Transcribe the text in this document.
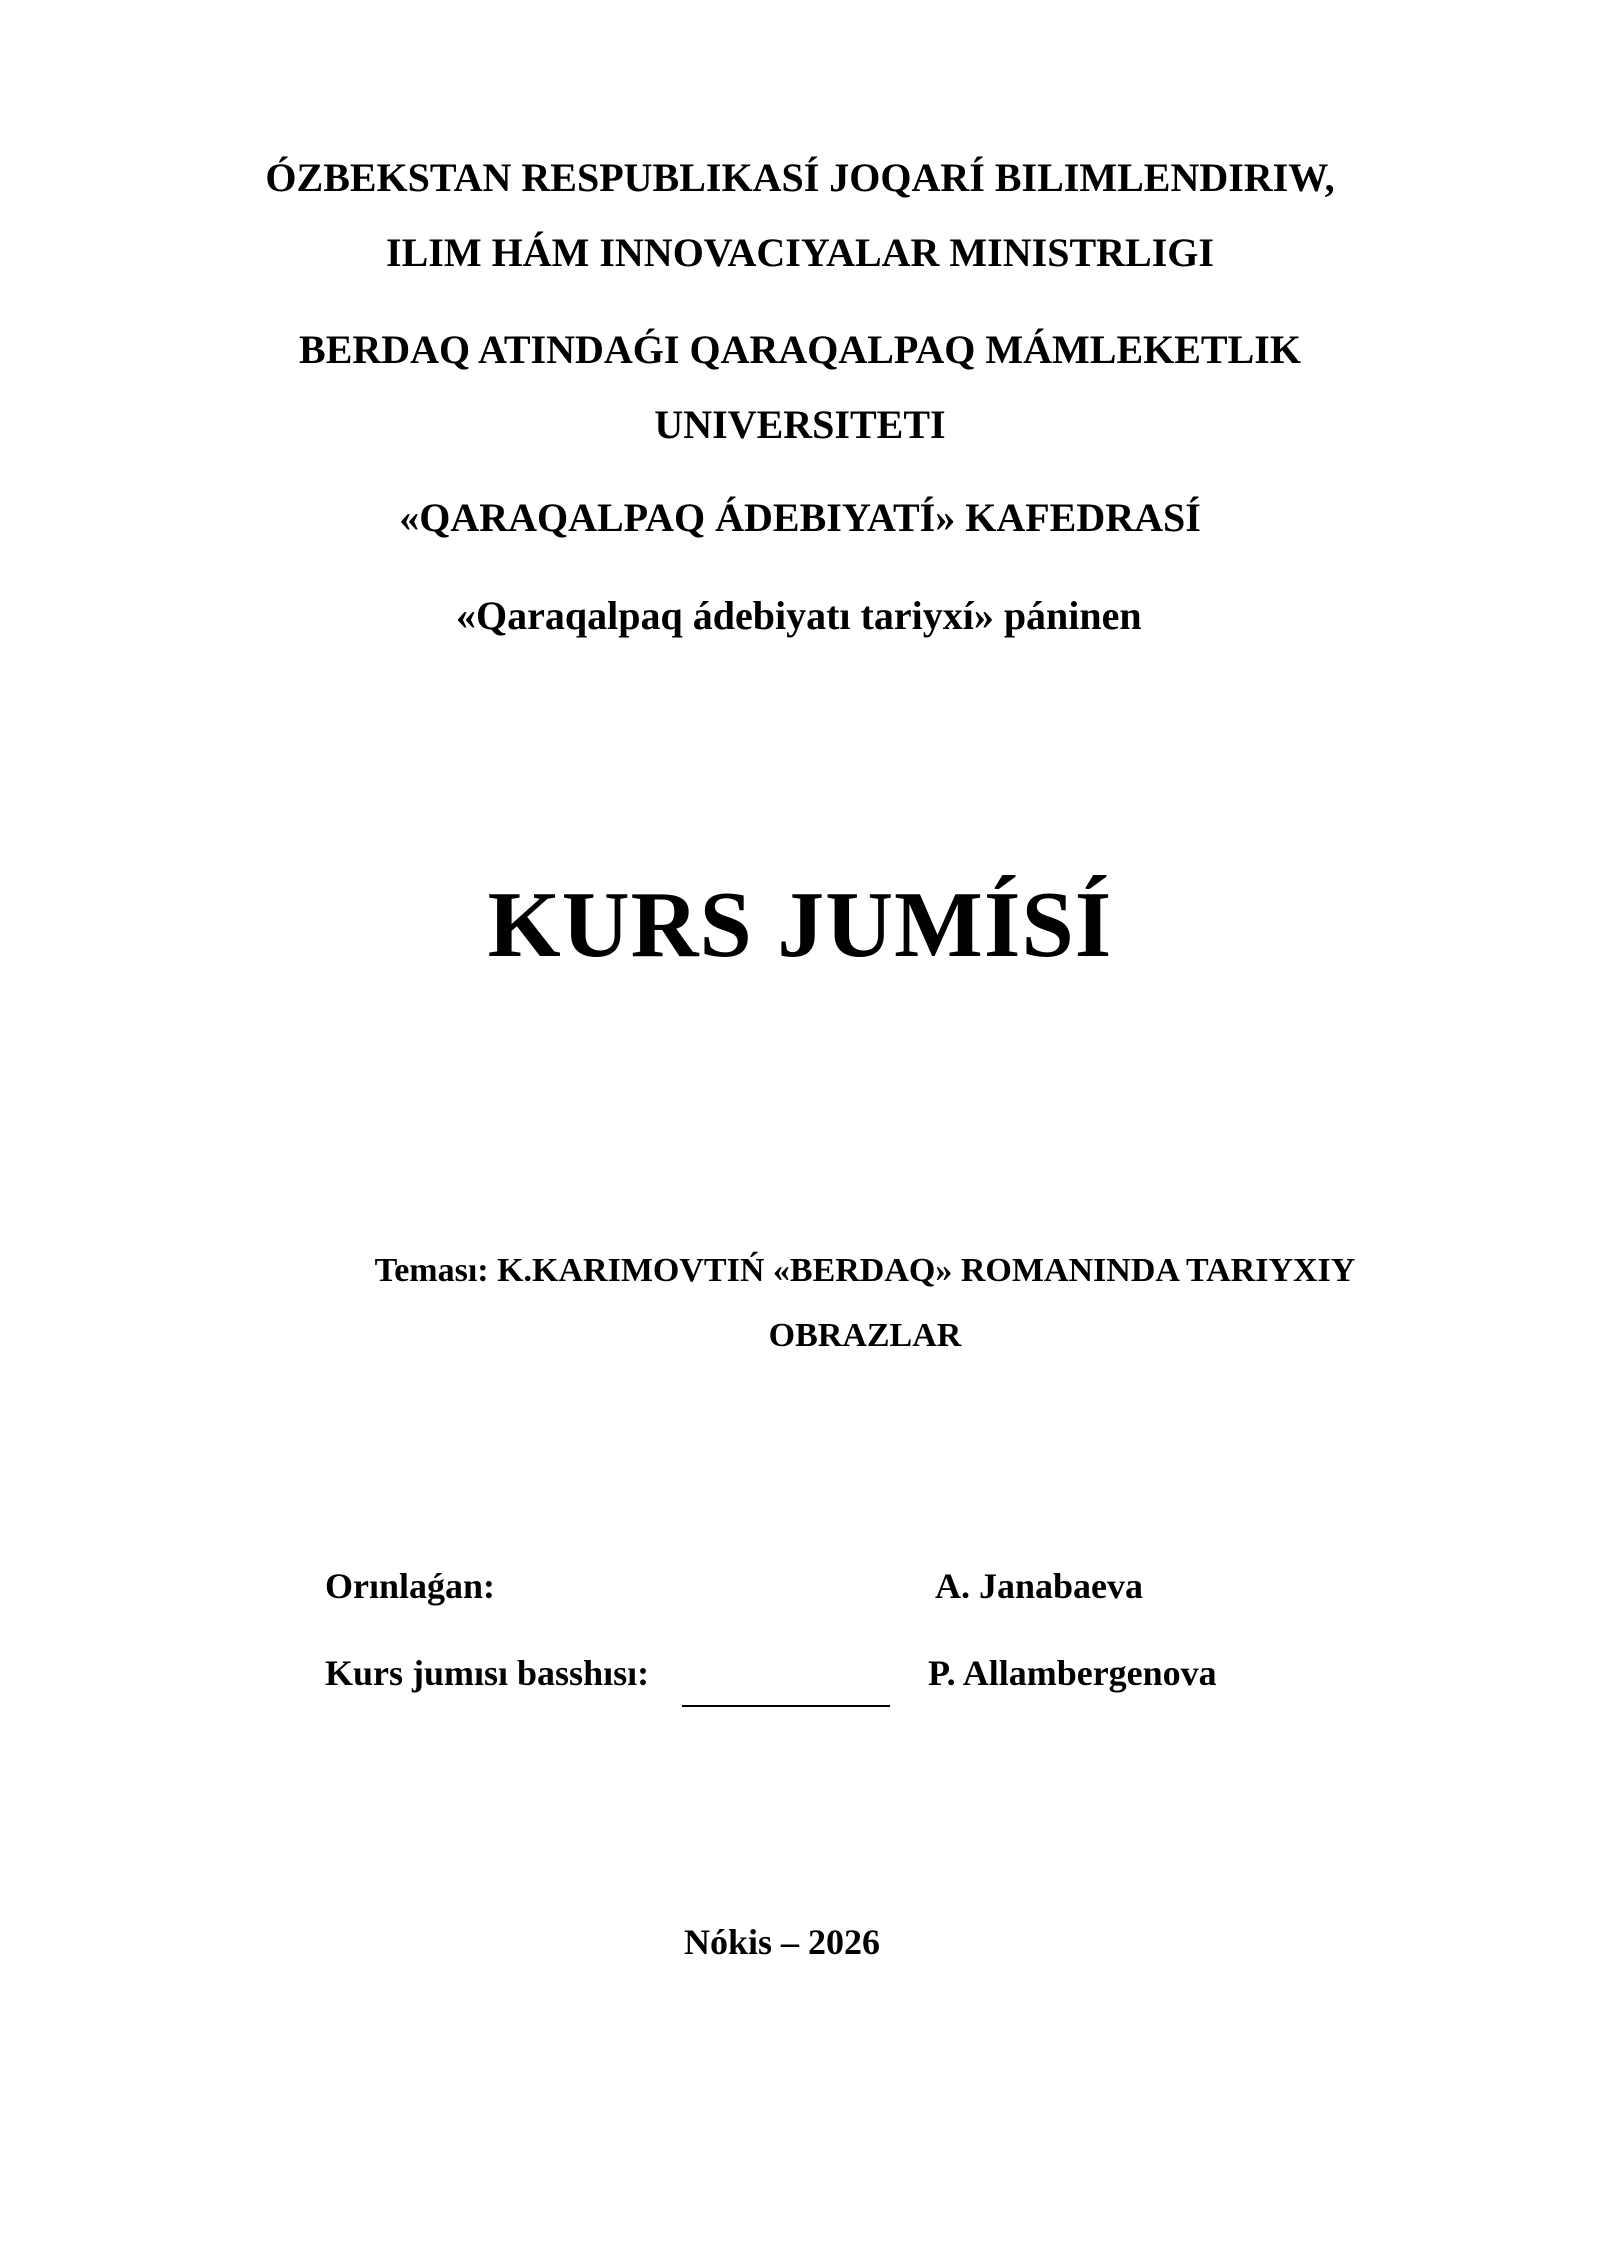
ÓZBEKSTAN RESPUBLIKASÍ JOQARÍ BILIMLENDIRIW,
ILIM HÁM INNOVACIYALAR MINISTRLIGI
BERDAQ ATINDAǴI QARAQALPAQ MÁMLEKETLIK
UNIVERSITETI
«QARAQALPAQ ÁDEBIYATÍ» KAFEDRASÍ
«Qaraqalpaq ádebiyatı tariyxí» páninen
KURS JUMÍSÍ
Teması: K.KARIMOVTIŃ «BERDAQ» ROMANINDA TARIYXIY
OBRAZLAR
Orınlaǵan:	A. Janabaeva
Kurs jumısı basshısı:	P. Allambergenova
Nókis – 2026
